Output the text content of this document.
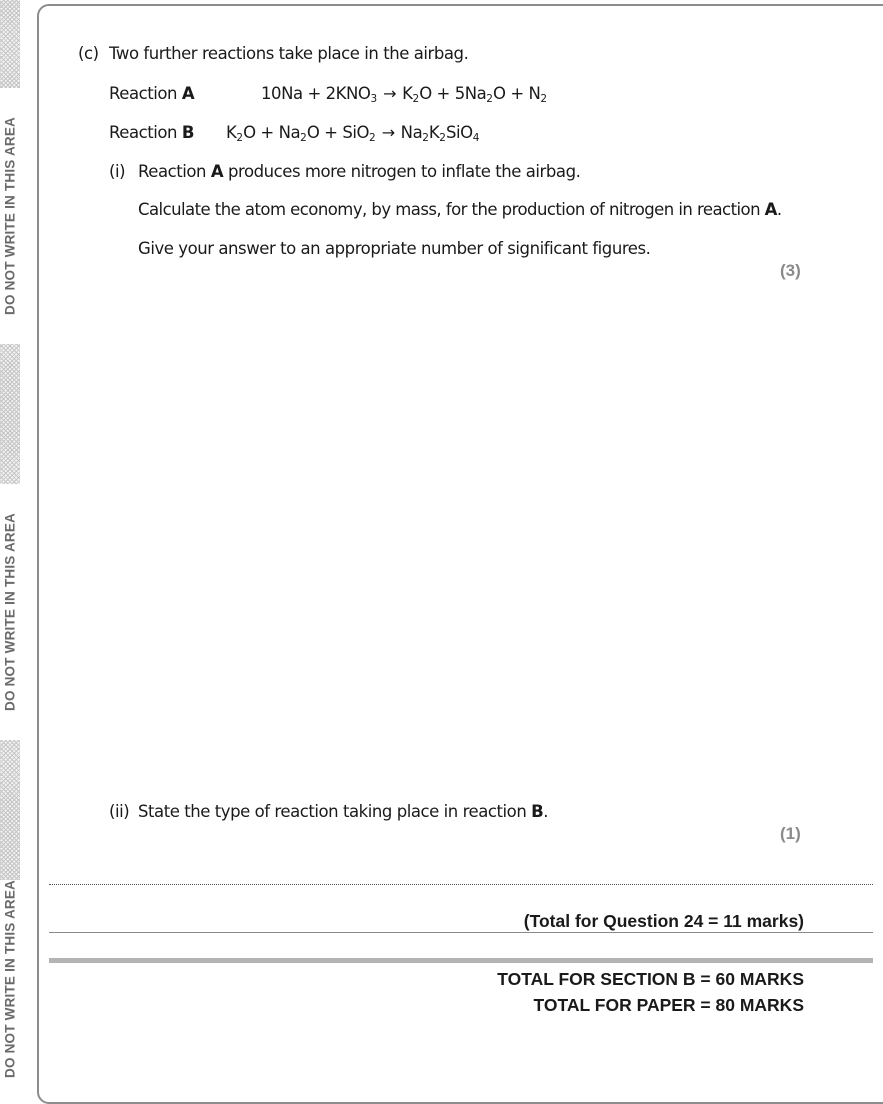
DO NOT WRITE IN THIS AREA
DO NOT WRITE IN THIS AREA
DO NOT WRITE IN THIS AREA
(c) Two further reactions take place in the airbag.
Reaction A	$10Na + 2KNO_3 \to K_2O + 5Na_2O + N_2$
Reaction B $K_2O + Na_2O + SiO_2 \to Na_2K_2SiO_4$
(i) Reaction A produces more nitrogen to inflate the airbag.
Calculate the atom economy, by mass, for the production of nitrogen in reaction A.
Give your answer to an appropriate number of significant figures.
(3)
(ii) State the type of reaction taking place in reaction B.
(1)
(Total for Question 24 = 11 marks)
TOTAL FOR SECTION B = 60 MARKS
TOTAL FOR PAPER = 80 MARKS
